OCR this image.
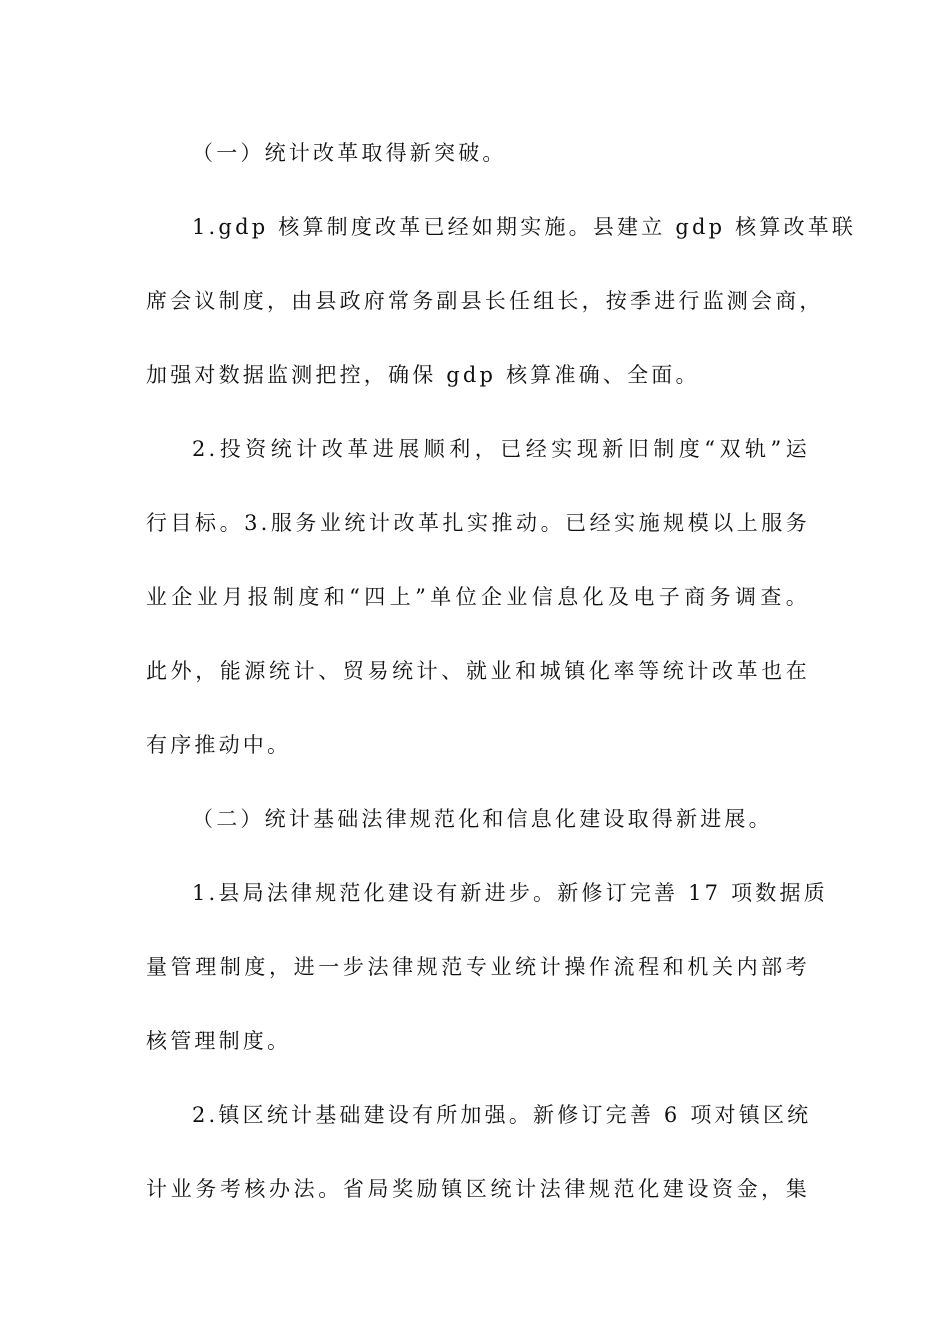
（一）统计改革取得新突破。
1.gdp 核算制度改革已经如期实施。县建立 gdp 核算改革联
席会议制度，由县政府常务副县长任组长，按季进行监测会商，
加强对数据监测把控，确保 gdp 核算准确、全面。
2.投资统计改革进展顺利，已经实现新旧制度“双轨”运
行目标。3.服务业统计改革扎实推动。已经实施规模以上服务
业企业月报制度和“四上”单位企业信息化及电子商务调查。
此外，能源统计、贸易统计、就业和城镇化率等统计改革也在
有序推动中。
（二）统计基础法律规范化和信息化建设取得新进展。
1.县局法律规范化建设有新进步。新修订完善 17 项数据质
量管理制度，进一步法律规范专业统计操作流程和机关内部考
核管理制度。
2.镇区统计基础建设有所加强。新修订完善 6 项对镇区统
计业务考核办法。省局奖励镇区统计法律规范化建设资金，集
